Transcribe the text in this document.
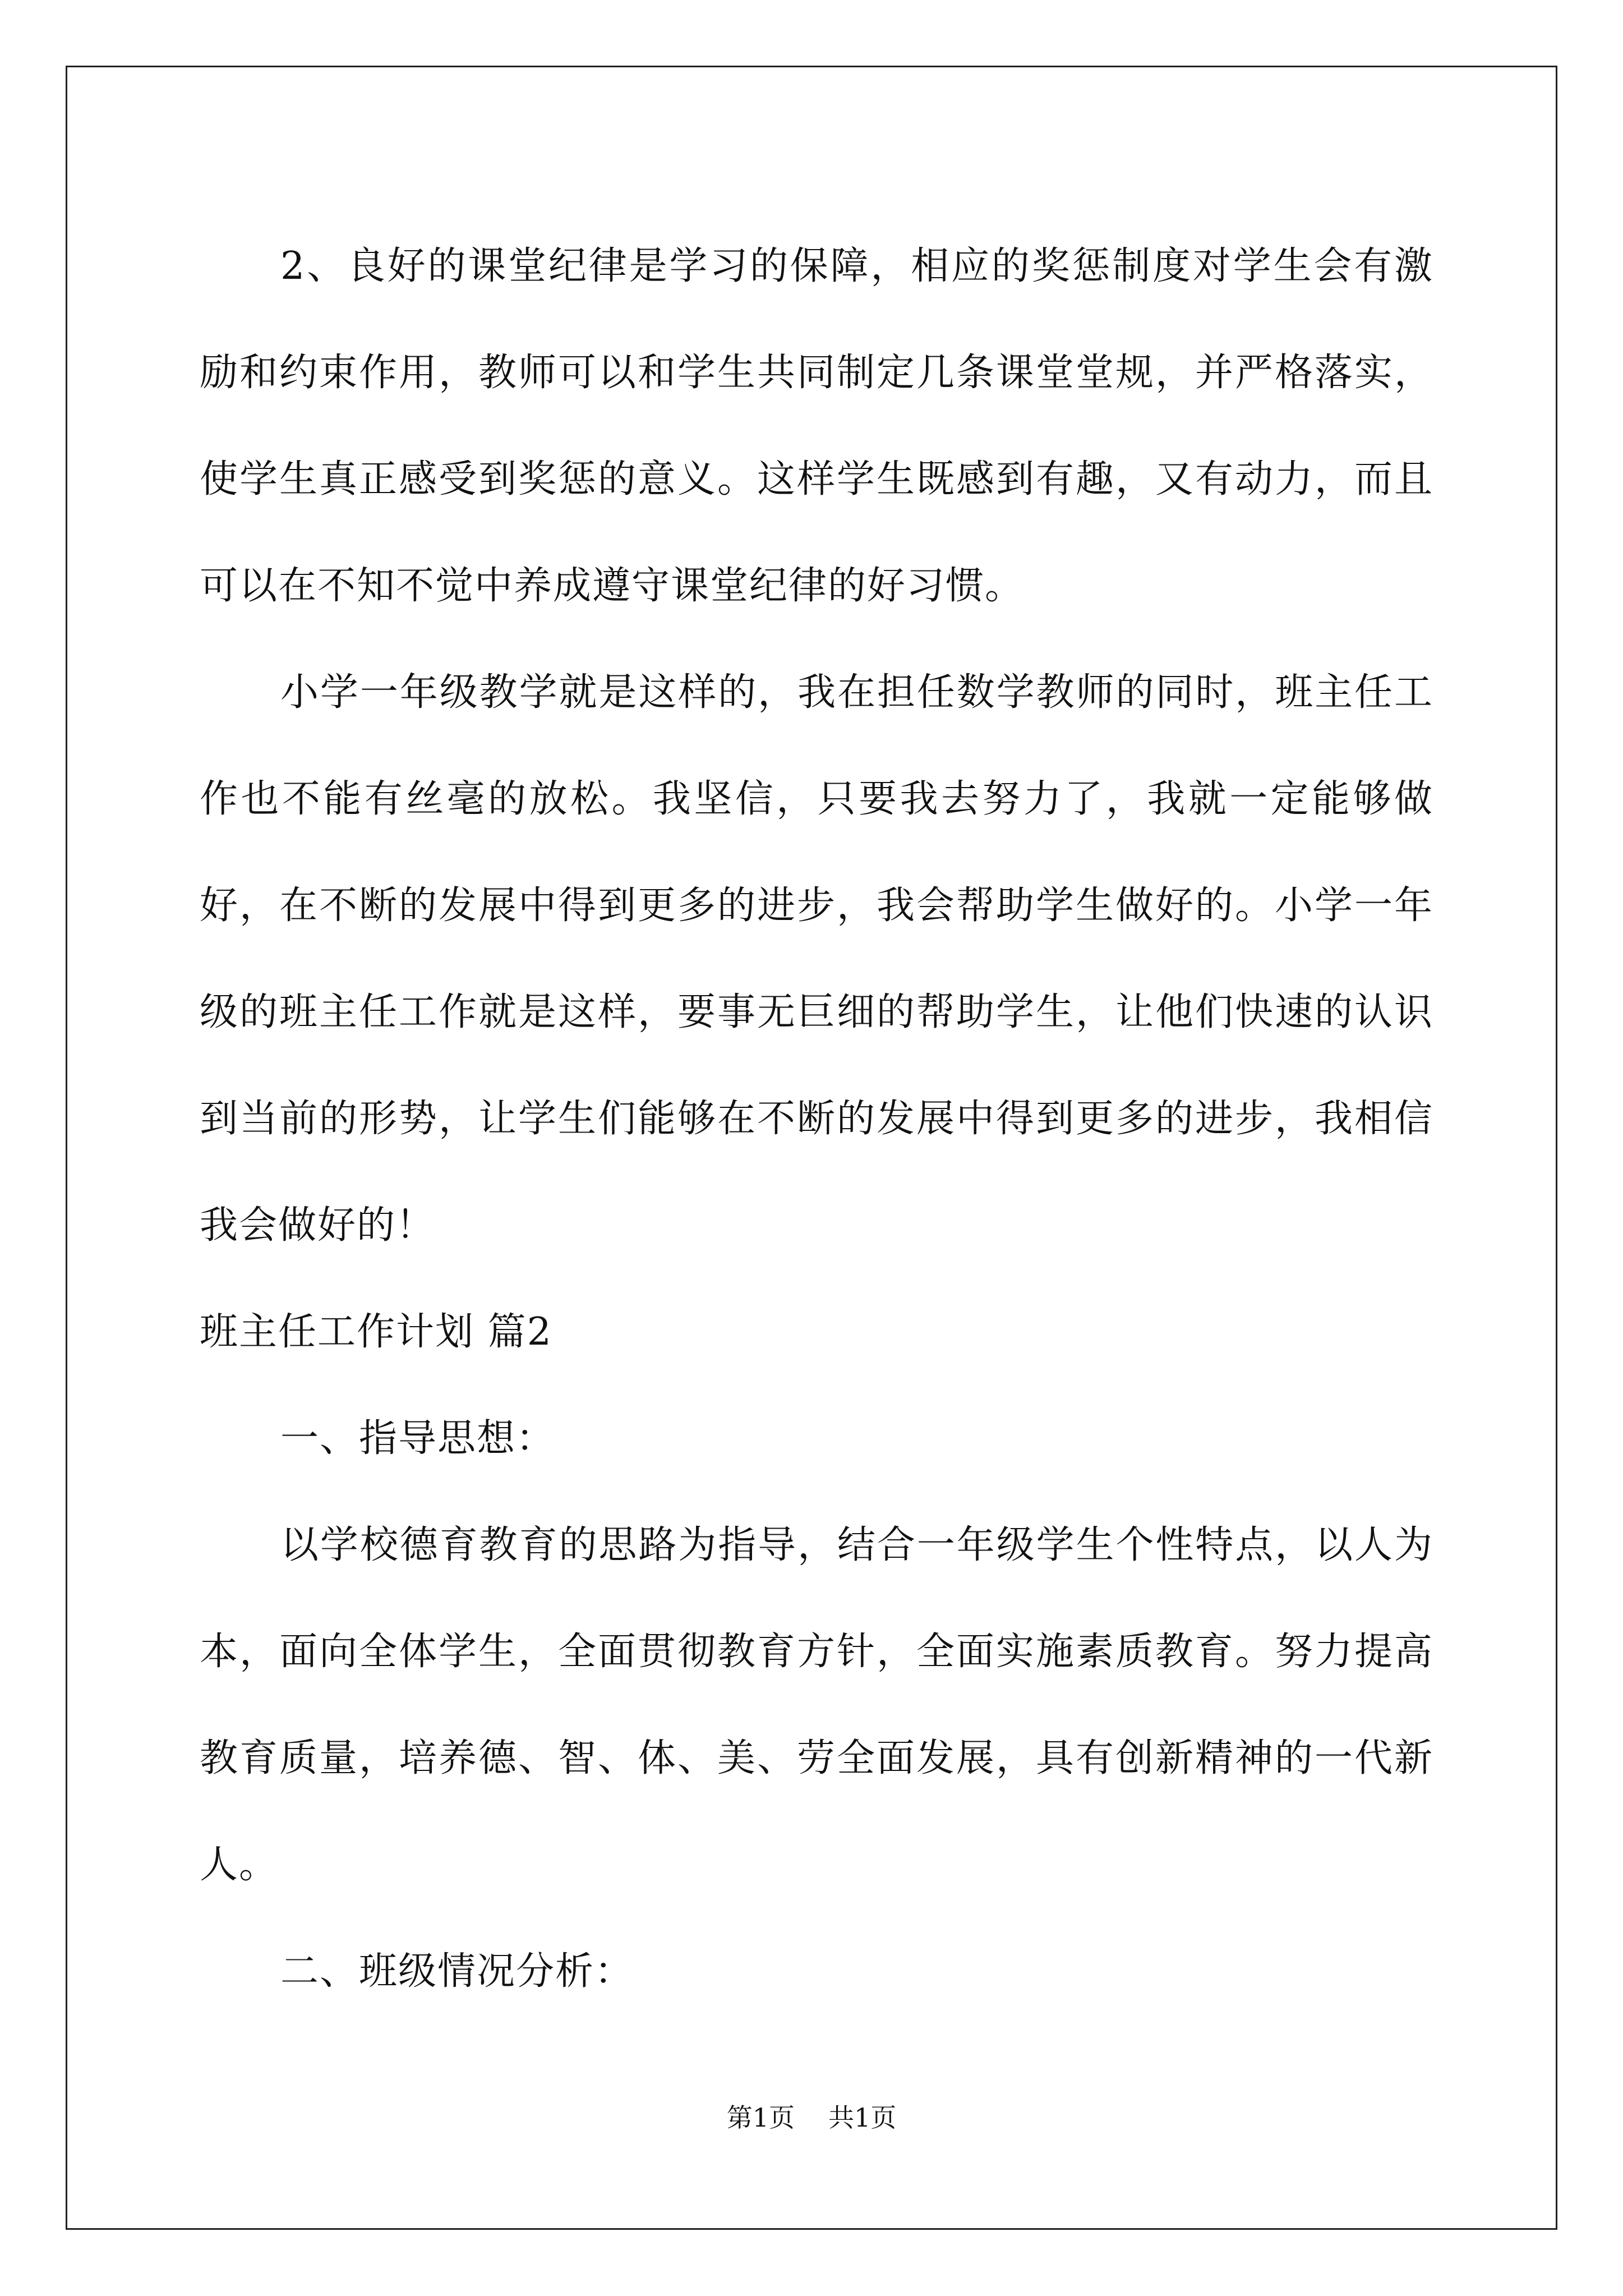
2、良好的课堂纪律是学习的保障，相应的奖惩制度对学生会有激励和约束作用，教师可以和学生共同制定几条课堂堂规，并严格落实，使学生真正感受到奖惩的意义。这样学生既感到有趣，又有动力，而且可以在不知不觉中养成遵守课堂纪律的好习惯。

小学一年级教学就是这样的，我在担任数学教师的同时，班主任工作也不能有丝毫的放松。我坚信，只要我去努力了，我就一定能够做好，在不断的发展中得到更多的进步，我会帮助学生做好的。小学一年级的班主任工作就是这样，要事无巨细的帮助学生，让他们快速的认识到当前的形势，让学生们能够在不断的发展中得到更多的进步，我相信我会做好的！

班主任工作计划 篇2

一、指导思想：

以学校德育教育的思路为指导，结合一年级学生个性特点，以人为本，面向全体学生，全面贯彻教育方针，全面实施素质教育。努力提高教育质量，培养德、智、体、美、劳全面发展，具有创新精神的一代新人。

二、班级情况分析：

第1页 共1页
